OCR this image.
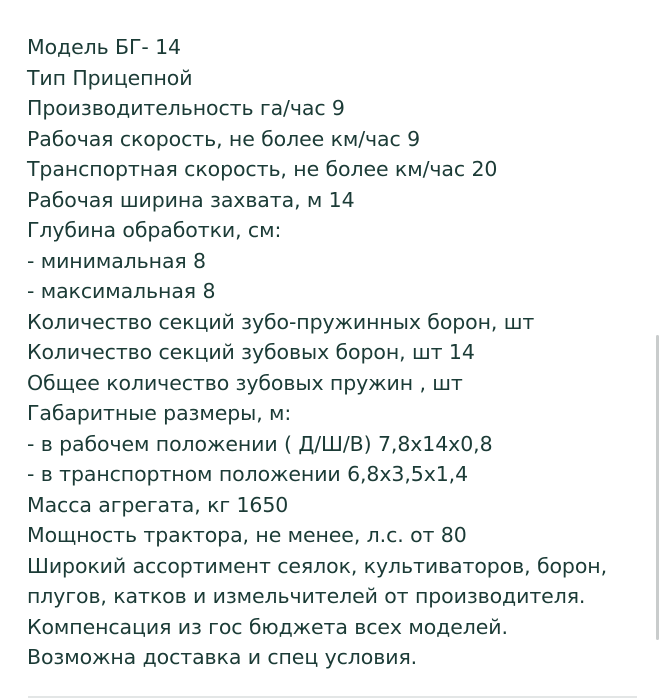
Модель БГ- 14
Тип Прицепной
Производительность га/час 9
Рабочая скорость, не более км/час 9
Транспортная скорость, не более км/час 20
Рабочая ширина захвата, м 14
Глубина обработки, см:
- минимальная 8
- максимальная 8
Количество секций зубо-пружинных борон, шт
Количество секций зубовых борон, шт 14
Общее количество зубовых пружин , шт
Габаритные размеры, м:
- в рабочем положении ( Д/Ш/В) 7,8х14х0,8
- в транспортном положении 6,8х3,5х1,4
Масса агрегата, кг 1650
Мощность трактора, не менее, л.с. от 80
Широкий ассортимент сеялок, культиваторов, борон,
плугов, катков и измельчителей от производителя.
Компенсация из гос бюджета всех моделей.
Возможна доставка и спец условия.
